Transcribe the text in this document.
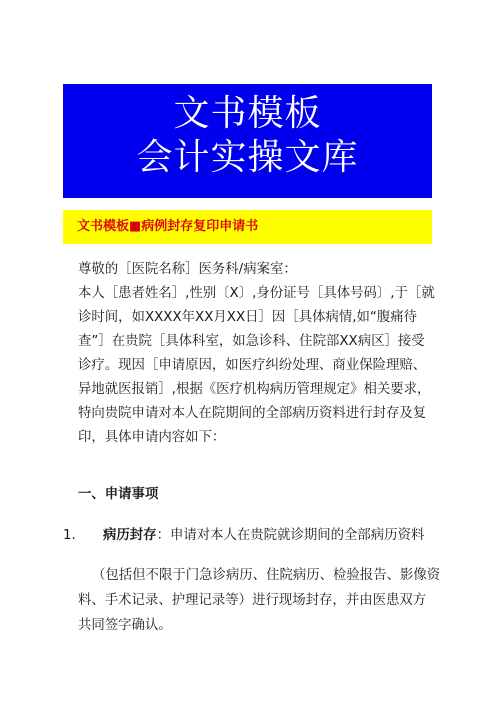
文书模板
会计实操文库
文书模板■病例封存复印申请书
尊敬的［医院名称］医务科/病案室：
本人［患者姓名］,性别〔X〕,身份证号［具体号码〕,于［就
诊时间，如XXXX年XX月XX日］因［具体病情,如“腹痛待
查”］在贵院［具体科室，如急诊科、住院部XX病区］接受
诊疗。现因［申请原因，如医疗纠纷处理、商业保险理赔、
异地就医报销］,根据《医疗机构病历管理规定》相关要求，
特向贵院申请对本人在院期间的全部病历资料进行封存及复
印，具体申请内容如下：
一、申请事项
1. 病历封存：申请对本人在贵院就诊期间的全部病历资料
（包括但不限于门急诊病历、住院病历、检验报告、影像资
料、手术记录、护理记录等）进行现场封存，并由医患双方
共同签字确认。
